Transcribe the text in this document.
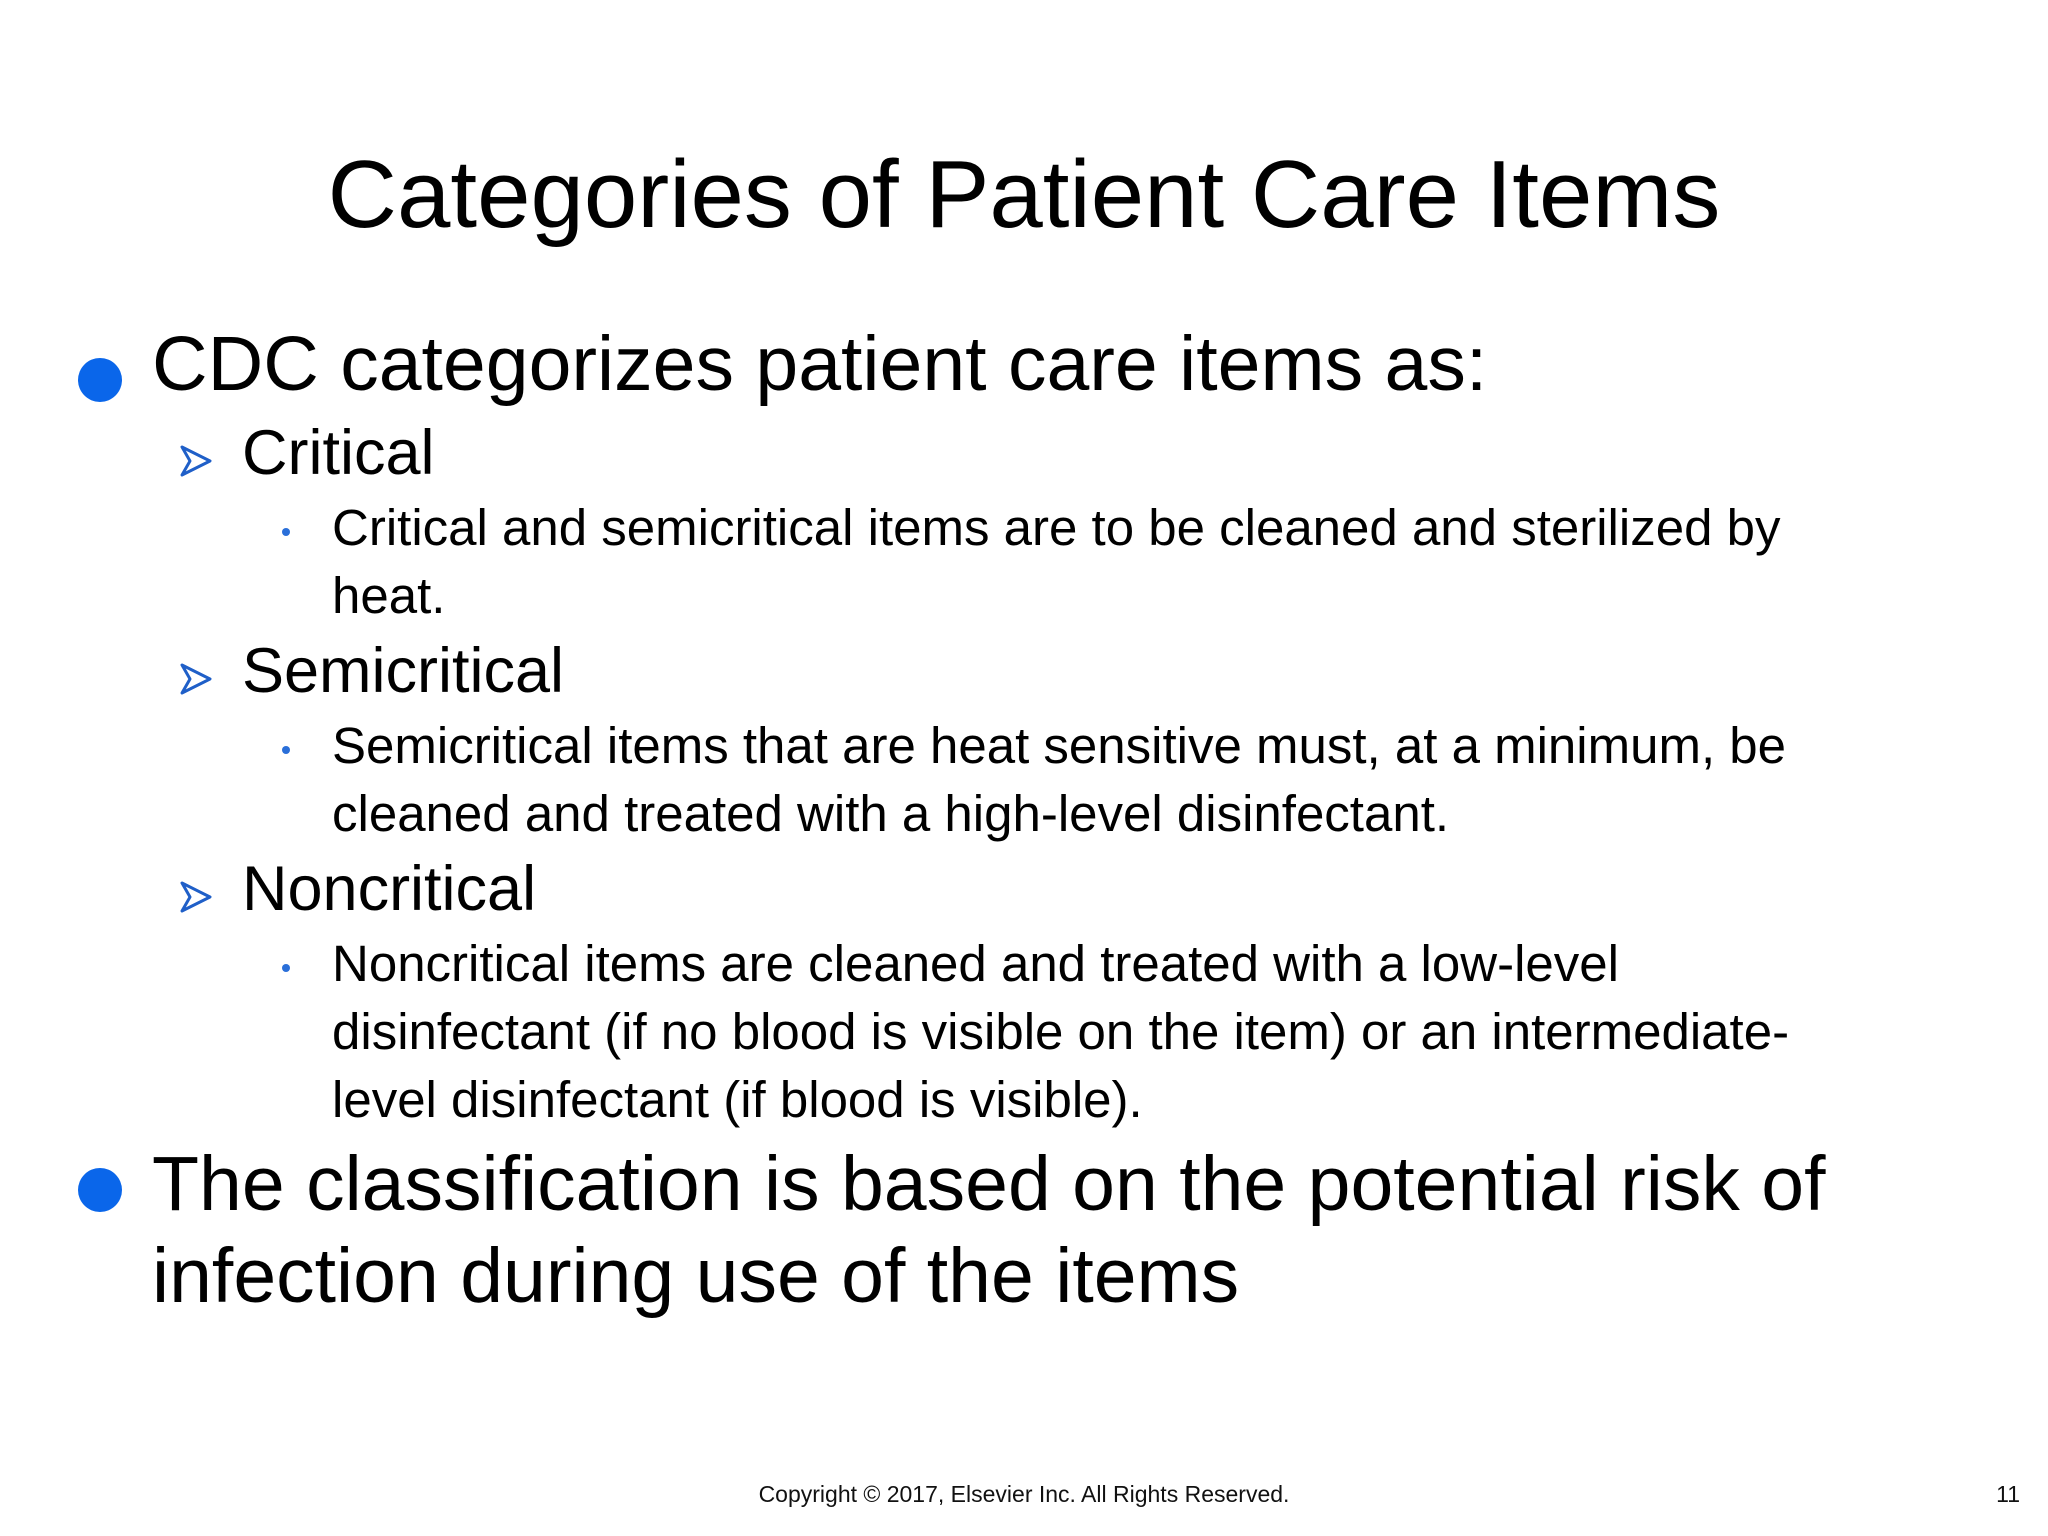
Categories of Patient Care Items
CDC categorizes patient care items as:
Critical
Critical and semicritical items are to be cleaned and sterilized by
heat.
Semicritical
Semicritical items that are heat sensitive must, at a minimum, be
cleaned and treated with a high-level disinfectant.
Noncritical
Noncritical items are cleaned and treated with a low-level
disinfectant (if no blood is visible on the item) or an intermediate-
level disinfectant (if blood is visible).
The classification is based on the potential risk of
infection during use of the items
Copyright © 2017, Elsevier Inc. All Rights Reserved.	11
